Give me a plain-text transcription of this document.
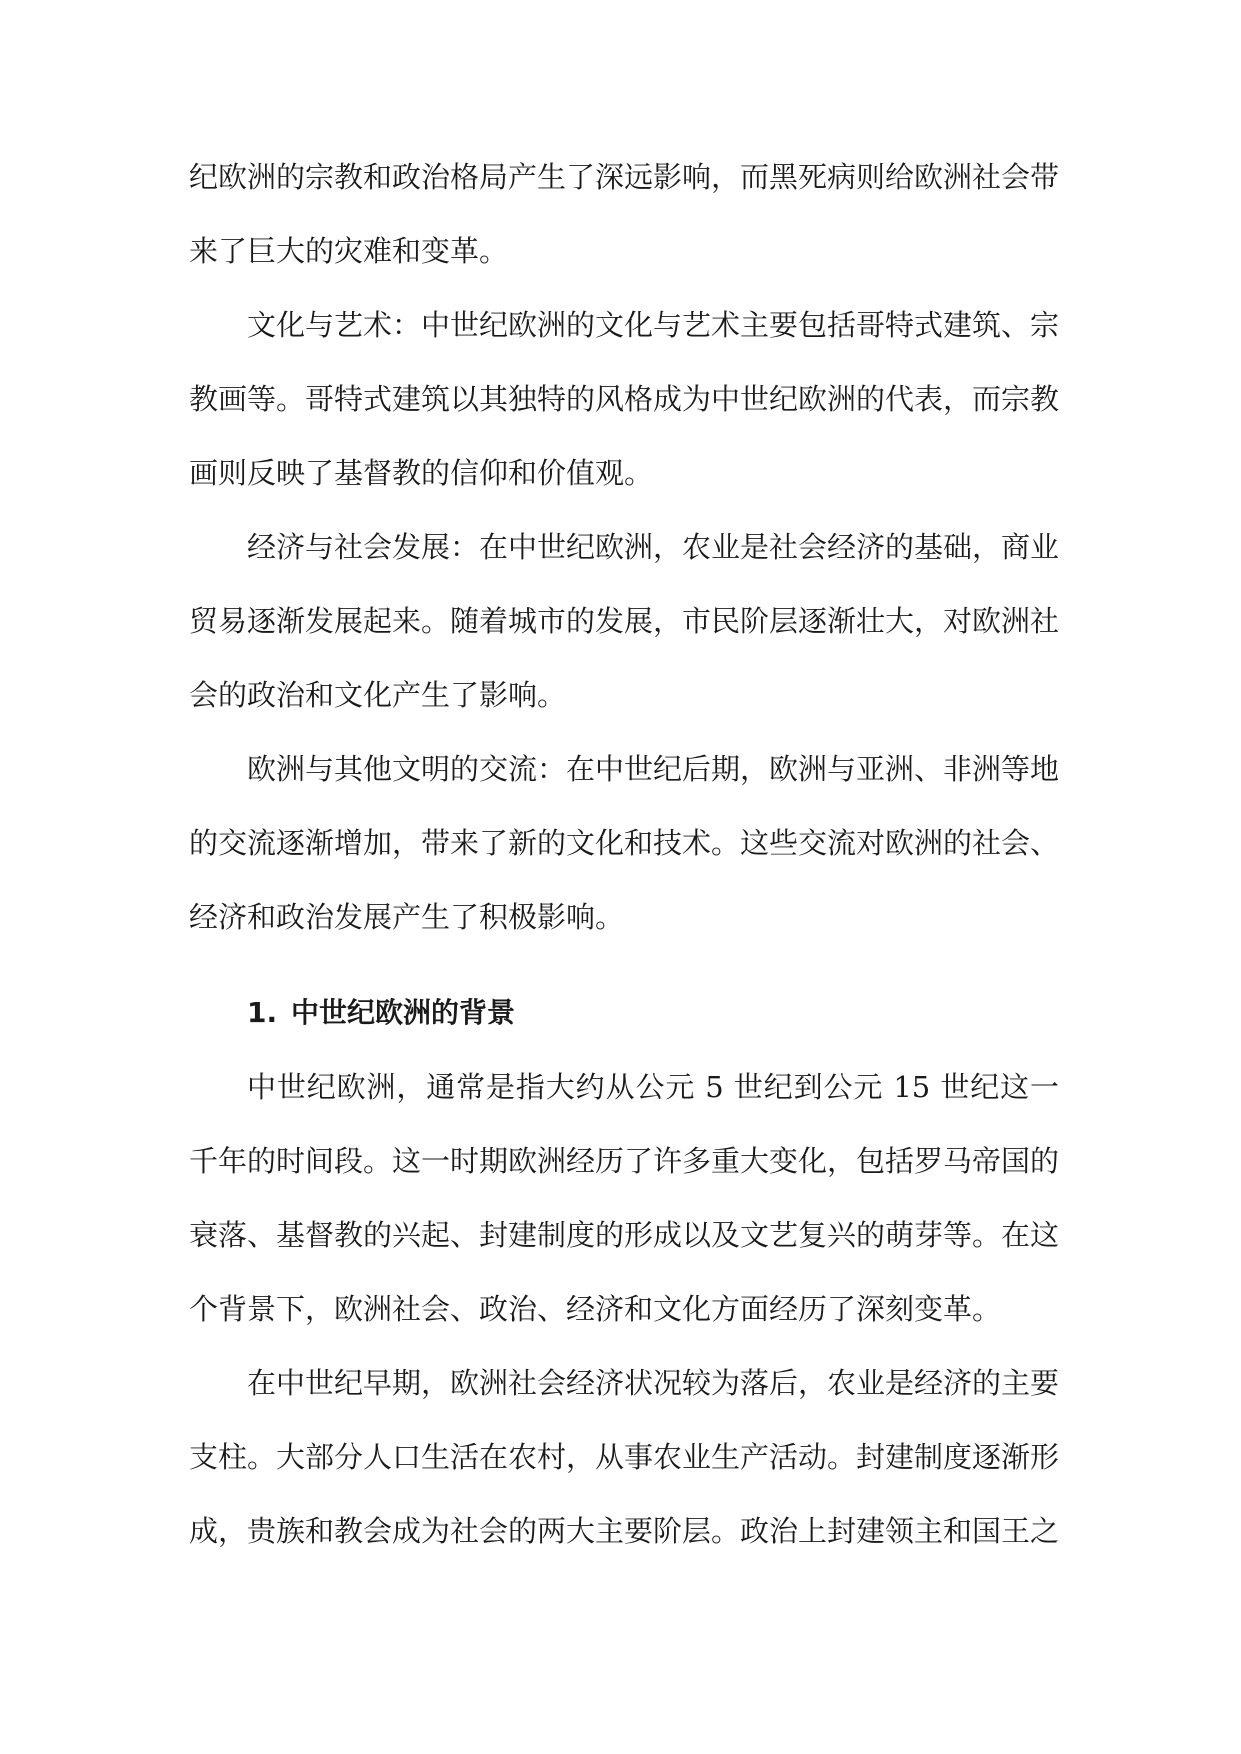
纪欧洲的宗教和政治格局产生了深远影响，而黑死病则给欧洲社会带来了巨大的灾难和变革。

文化与艺术：中世纪欧洲的文化与艺术主要包括哥特式建筑、宗教画等。哥特式建筑以其独特的风格成为中世纪欧洲的代表，而宗教画则反映了基督教的信仰和价值观。

经济与社会发展：在中世纪欧洲，农业是社会经济的基础，商业贸易逐渐发展起来。随着城市的发展，市民阶层逐渐壮大，对欧洲社会的政治和文化产生了影响。

欧洲与其他文明的交流：在中世纪后期，欧洲与亚洲、非洲等地的交流逐渐增加，带来了新的文化和技术。这些交流对欧洲的社会、经济和政治发展产生了积极影响。

1. 中世纪欧洲的背景

中世纪欧洲，通常是指大约从公元 5 世纪到公元 15 世纪这一千年的时间段。这一时期欧洲经历了许多重大变化，包括罗马帝国的衰落、基督教的兴起、封建制度的形成以及文艺复兴的萌芽等。在这个背景下，欧洲社会、政治、经济和文化方面经历了深刻变革。

在中世纪早期，欧洲社会经济状况较为落后，农业是经济的主要支柱。大部分人口生活在农村，从事农业生产活动。封建制度逐渐形成，贵族和教会成为社会的两大主要阶层。政治上封建领主和国王之
